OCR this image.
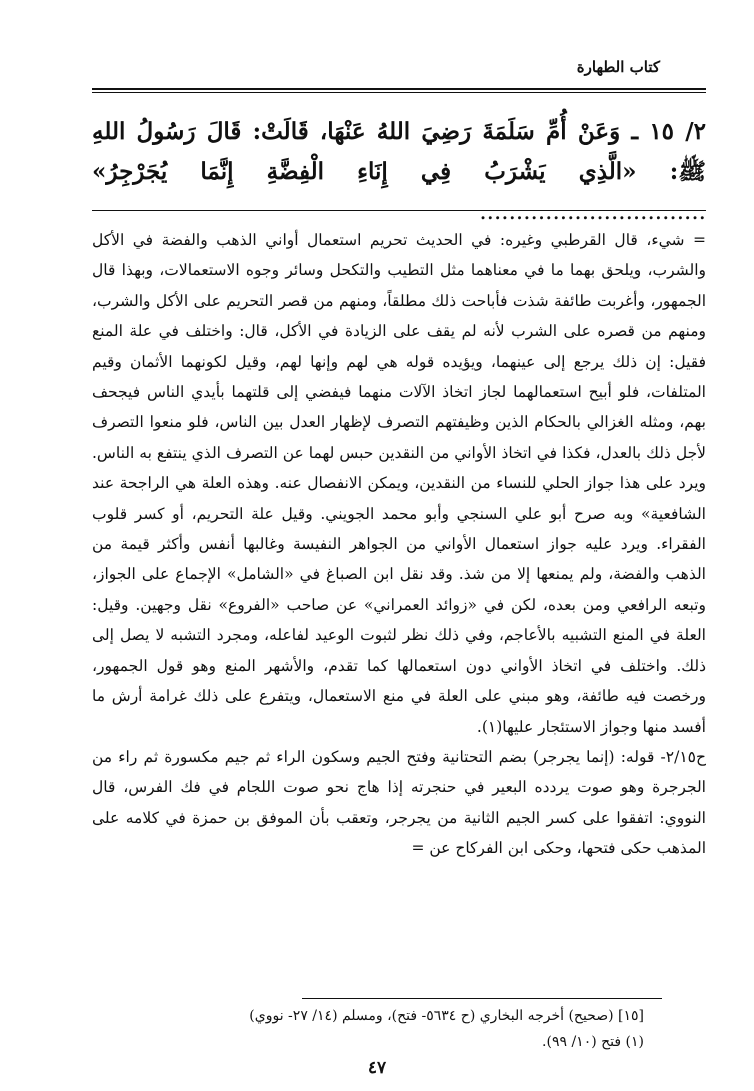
كتاب الطهارة
٢/ ١٥ ـ وَعَنْ أُمِّ سَلَمَةَ رَضِيَ اللهُ عَنْهَا، قَالَتْ: قَالَ رَسُولُ اللهِ ﷺ: «الَّذِي يَشْرَبُ فِي إِنَاءِ الْفِضَّةِ إِنَّمَا يُجَرْجِرُ» ...............................

= شيء، قال القرطبي وغيره: في الحديث تحريم استعمال أواني الذهب والفضة في الأكل والشرب، ويلحق بهما ما في معناهما مثل التطيب والتكحل وسائر وجوه الاستعمالات، وبهذا قال الجمهور، وأغربت طائفة شذت فأباحت ذلك مطلقاً، ومنهم من قصر التحريم على الأكل والشرب، ومنهم من قصره على الشرب لأنه لم يقف على الزيادة في الأكل، قال: واختلف في علة المنع فقيل: إن ذلك يرجع إلى عينهما، ويؤيده قوله هي لهم وإنها لهم، وقيل لكونهما الأثمان وقيم المتلفات، فلو أبيح استعمالهما لجاز اتخاذ الآلات منهما فيفضي إلى قلتهما بأيدي الناس فيجحف بهم، ومثله الغزالي بالحكام الذين وظيفتهم التصرف لإظهار العدل بين الناس، فلو منعوا التصرف لأجل ذلك بالعدل، فكذا في اتخاذ الأواني من النقدين حبس لهما عن التصرف الذي ينتفع به الناس. ويرد على هذا جواز الحلي للنساء من النقدين، ويمكن الانفصال عنه. وهذه العلة هي الراجحة عند الشافعية» وبه صرح أبو علي السنجي وأبو محمد الجويني. وقيل علة التحريم، أو كسر قلوب الفقراء. ويرد عليه جواز استعمال الأواني من الجواهر النفيسة وغالبها أنفس وأكثر قيمة من الذهب والفضة، ولم يمنعها إلا من شذ. وقد نقل ابن الصباغ في «الشامل» الإجماع على الجواز، وتبعه الرافعي ومن بعده، لكن في «زوائد العمراني» عن صاحب «الفروع» نقل وجهين. وقيل: العلة في المنع التشبيه بالأعاجم، وفي ذلك نظر لثبوت الوعيد لفاعله، ومجرد التشبه لا يصل إلى ذلك. واختلف في اتخاذ الأواني دون استعمالها كما تقدم، والأشهر المنع وهو قول الجمهور، ورخصت فيه طائفة، وهو مبني على العلة في منع الاستعمال، ويتفرع على ذلك غرامة أرش ما أفسد منها وجواز الاستئجار عليها(١).

ح٢/١٥- قوله: (إنما يجرجر) بضم التحتانية وفتح الجيم وسكون الراء ثم جيم مكسورة ثم راء من الجرجرة وهو صوت يردده البعير في حنجرته إذا هاج نحو صوت اللجام في فك الفرس، قال النووي: اتفقوا على كسر الجيم الثانية من يجرجر، وتعقب بأن الموفق بن حمزة في كلامه على المذهب حكى فتحها، وحكى ابن الفركاح عن =

[١٥] (صحيح) أخرجه البخاري (ح ٥٦٣٤- فتح)، ومسلم (١٤/ ٢٧- نووي)
(١) فتح (١٠/ ٩٩).
٤٧
